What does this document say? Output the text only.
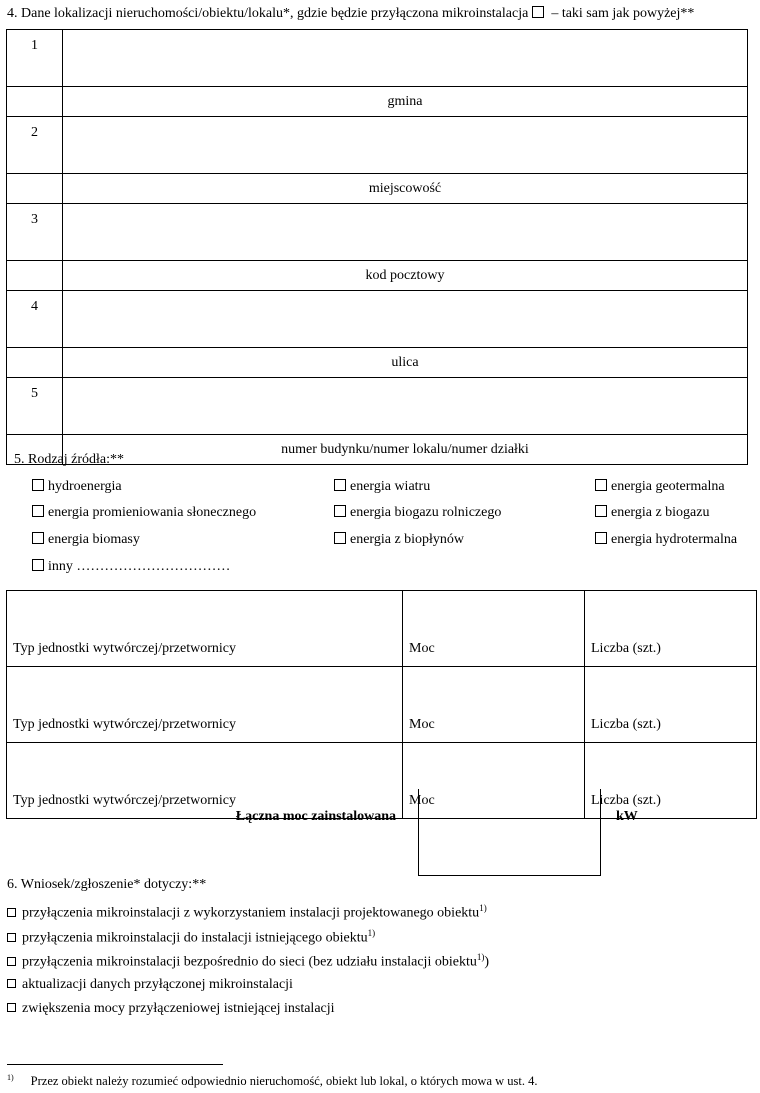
4. Dane lokalizacji nieruchomości/obiektu/lokalu*, gdzie będzie przyłączona mikroinstalacja  – taki sam jak powyżej**
1	
	gmina
2	
	miejscowość
3	
	kod pocztowy
4	
	ulica
5	
	numer budynku/numer lokalu/numer działki
5. Rodzaj źródła:**
hydroenergia	energia wiatru	energia geotermalna
energia promieniowania słonecznego	energia biogazu rolniczego	energia z biogazu
energia biomasy	energia z biopłynów	energia hydrotermalna
inny ……………………………
Typ jednostki wytwórczej/przetwornicy	Moc	Liczba (szt.)
Typ jednostki wytwórczej/przetwornicy	Moc	Liczba (szt.)
Typ jednostki wytwórczej/przetwornicy	Moc	Liczba (szt.)
Łączna moc zainstalowana		kW
6. Wniosek/zgłoszenie* dotyczy:**
przyłączenia mikroinstalacji z wykorzystaniem instalacji projektowanego obiektu$^{1)}$
przyłączenia mikroinstalacji do instalacji istniejącego obiektu$^{1)}$
przyłączenia mikroinstalacji bezpośrednio do sieci (bez udziału instalacji obiektu$^{1)}$)
aktualizacji danych przyłączonej mikroinstalacji
zwiększenia mocy przyłączeniowej istniejącej instalacji
$^{1)}$ Przez obiekt należy rozumieć odpowiednio nieruchomość, obiekt lub lokal, o których mowa w ust. 4.
